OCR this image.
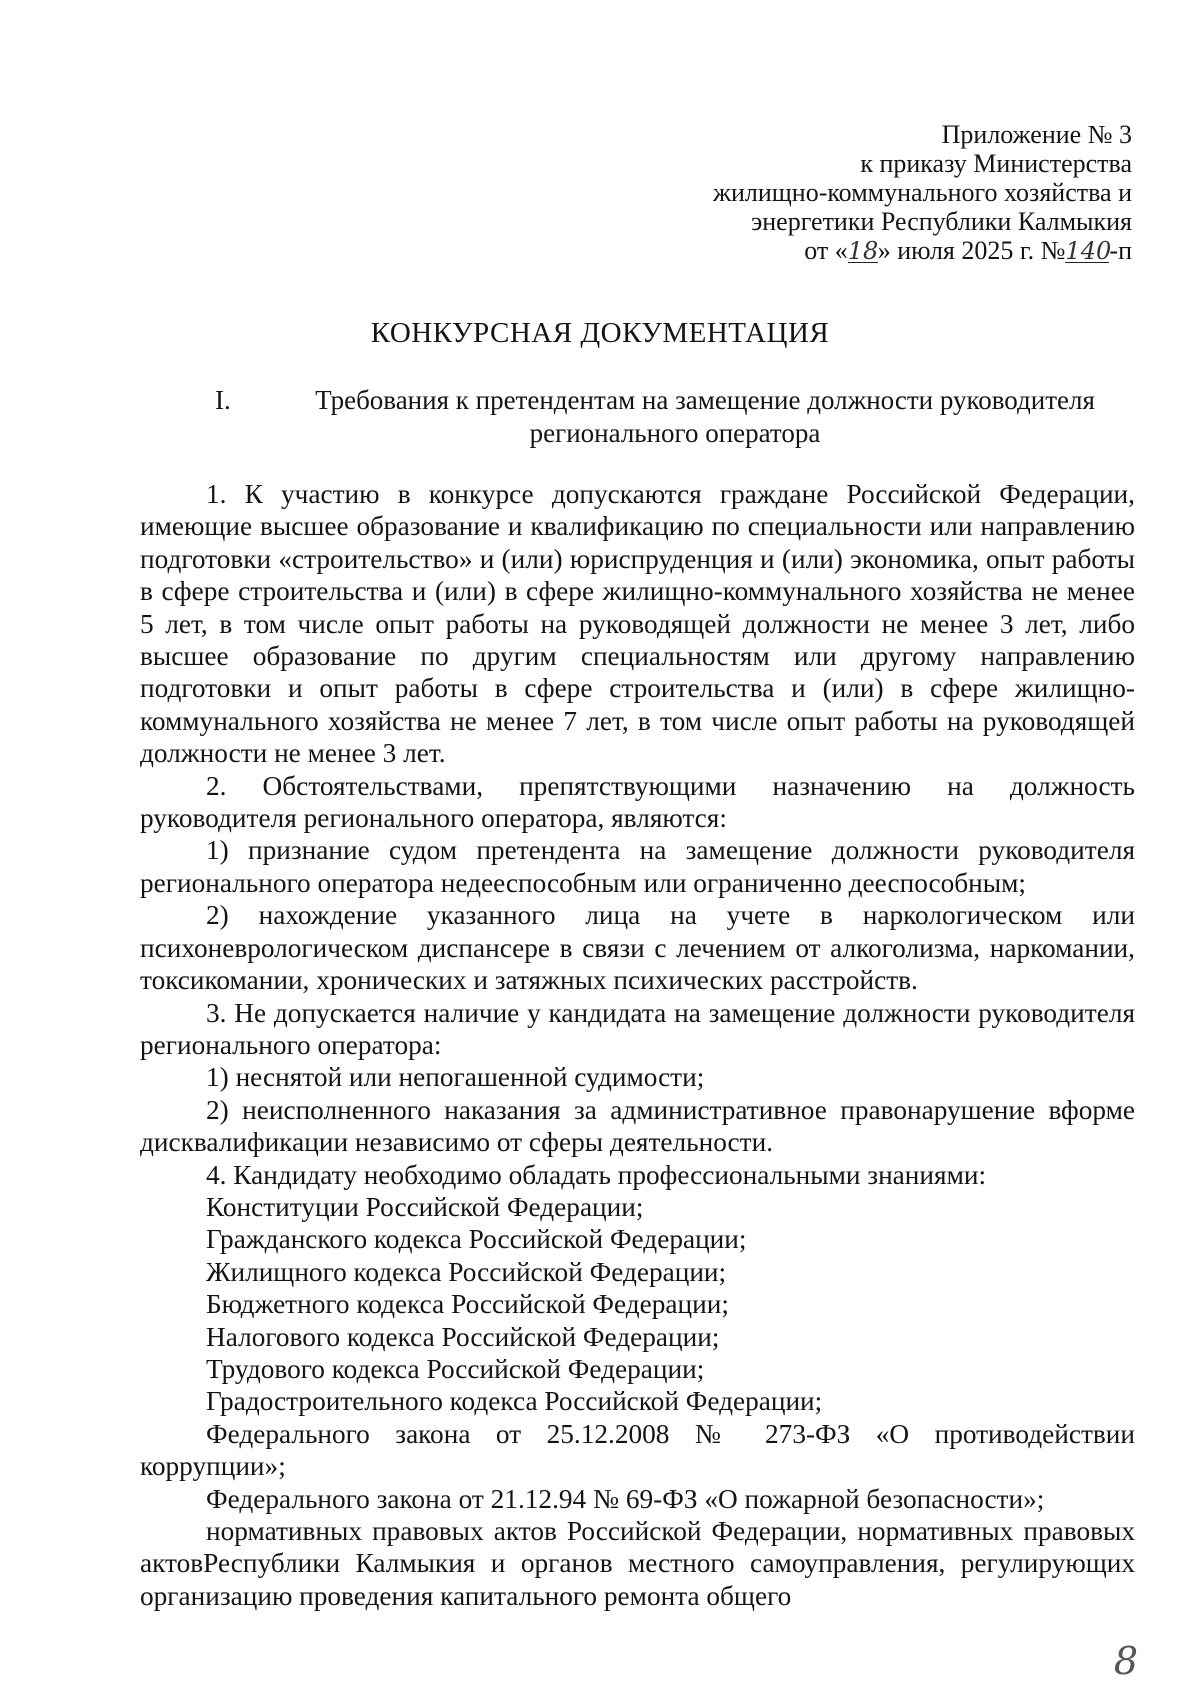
Приложение № 3
к приказу Министерства
жилищно-коммунального хозяйства и
энергетики Республики Калмыкия
от «18» июля 2025 г. №140-п
КОНКУРСНАЯ ДОКУМЕНТАЦИЯ
I.	Требования к претендентам на замещение должности руководителя
регионального оператора

1. К участию в конкурсе допускаются граждане Российской Федерации, имеющие высшее образование и квалификацию по специальности или направлению подготовки «строительство» и (или) юриспруденция и (или) экономика, опыт работы в сфере строительства и (или) в сфере жилищно-коммунального хозяйства не менее 5 лет, в том числе опыт работы на руководящей должности не менее 3 лет, либо высшее образование по другим специальностям или другому направлению подготовки и опыт работы в сфере строительства и (или) в сфере жилищно-коммунального хозяйства не менее 7 лет, в том числе опыт работы на руководящей должности не менее 3 лет.

2. Обстоятельствами, препятствующими назначению на должность руководителя регионального оператора, являются:

1) признание судом претендента на замещение должности руководителя регионального оператора недееспособным или ограниченно дееспособным;

2) нахождение указанного лица на учете в наркологическом или психоневрологическом диспансере в связи с лечением от алкоголизма, наркомании, токсикомании, хронических и затяжных психических расстройств.

3. Не допускается наличие у кандидата на замещение должности руководителя регионального оператора:

1) неснятой или непогашенной судимости;

2) неисполненного наказания за административное правонарушение вформе дисквалификации независимо от сферы деятельности.

4. Кандидату необходимо обладать профессиональными знаниями:

Конституции Российской Федерации;

Гражданского кодекса Российской Федерации;

Жилищного кодекса Российской Федерации;

Бюджетного кодекса Российской Федерации;

Налогового кодекса Российской Федерации;

Трудового кодекса Российской Федерации;

Градостроительного кодекса Российской Федерации;

Федерального закона от 25.12.2008 № 273-ФЗ «О противодействии коррупции»;

Федерального закона от 21.12.94 № 69-ФЗ «О пожарной безопасности»;

нормативных правовых актов Российской Федерации, нормативных правовых актовРеспублики Калмыкия и органов местного самоуправления, регулирующих организацию проведения капитального ремонта общего

8
